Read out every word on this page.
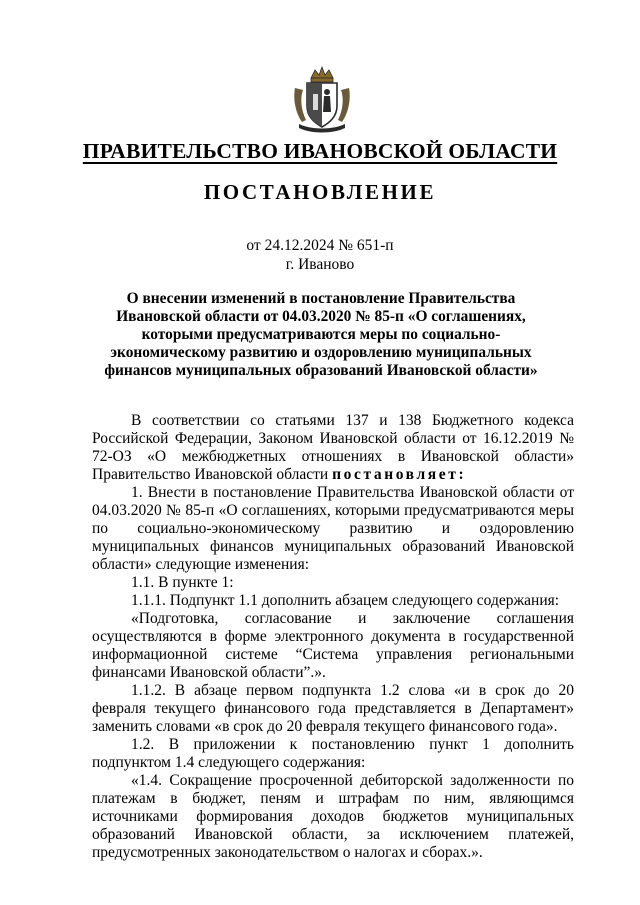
ПРАВИТЕЛЬСТВО ИВАНОВСКОЙ ОБЛАСТИ
ПОСТАНОВЛЕНИЕ
от 24.12.2024 № 651-п
г. Иваново
О внесении изменений в постановление Правительства Ивановской области от 04.03.2020 № 85-п «О соглашениях, которыми предусматриваются меры по социально-экономическому развитию и оздоровлению муниципальных финансов муниципальных образований Ивановской области»

В соответствии со статьями 137 и 138 Бюджетного кодекса Российской Федерации, Законом Ивановской области от 16.12.2019 № 72-ОЗ «О межбюджетных отношениях в Ивановской области» Правительство Ивановской области постановляет:

1. Внести в постановление Правительства Ивановской области от 04.03.2020 № 85-п «О соглашениях, которыми предусматриваются меры по социально-экономическому развитию и оздоровлению муниципальных финансов муниципальных образований Ивановской области» следующие изменения:

1.1. В пункте 1:

1.1.1. Подпункт 1.1 дополнить абзацем следующего содержания:

«Подготовка, согласование и заключение соглашения осуществляются в форме электронного документа в государственной информационной системе “Система управления региональными финансами Ивановской области”.».

1.1.2. В абзаце первом подпункта 1.2 слова «и в срок до 20 февраля текущего финансового года представляется в Департамент» заменить словами «в срок до 20 февраля текущего финансового года».

1.2. В приложении к постановлению пункт 1 дополнить подпунктом 1.4 следующего содержания:

«1.4. Сокращение просроченной дебиторской задолженности по платежам в бюджет, пеням и штрафам по ним, являющимся источниками формирования доходов бюджетов муниципальных образований Ивановской области, за исключением платежей, предусмотренных законодательством о налогах и сборах.».
